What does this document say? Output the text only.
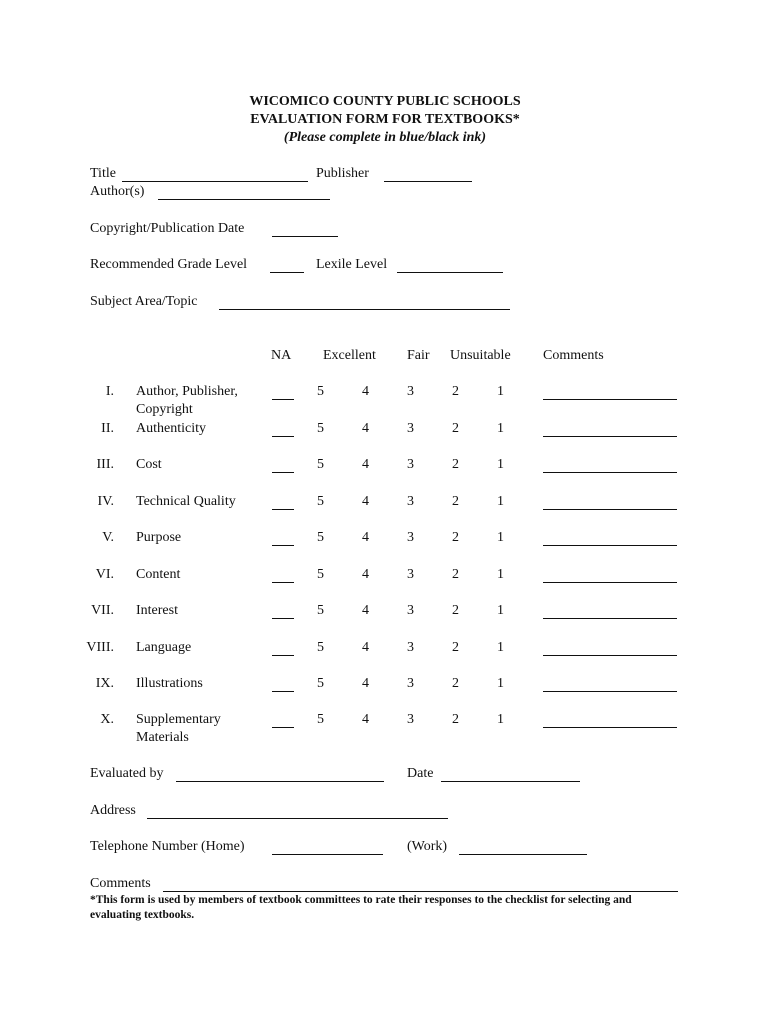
WICOMICO COUNTY PUBLIC SCHOOLS
EVALUATION FORM FOR TEXTBOOKS*
(Please complete in blue/black ink)
Title	Publisher
Author(s)
Copyright/Publication Date
Recommended Grade Level	Lexile Level
Subject Area/Topic
NA Excellent Fair Unsuitable Comments
I. Author, Publisher,
Copyright
5	4	3	2	1
II. Authenticity	5	4	3	2	1
III. Cost	5	4	3	2	1
IV. Technical Quality	5	4	3	2	1
V. Purpose	5	4	3	2	1
VI. Content	5	4	3	2	1
VII. Interest	5	4	3	2	1
VIII. Language	5	4	3	2	1
IX. Illustrations	5	4	3	2	1
X. Supplementary
Materials
5	4	3	2	1
Evaluated by	Date
Address
Telephone Number (Home)	(Work)
Comments
*This form is used by members of textbook committees to rate their responses to the checklist for selecting and evaluating textbooks.
